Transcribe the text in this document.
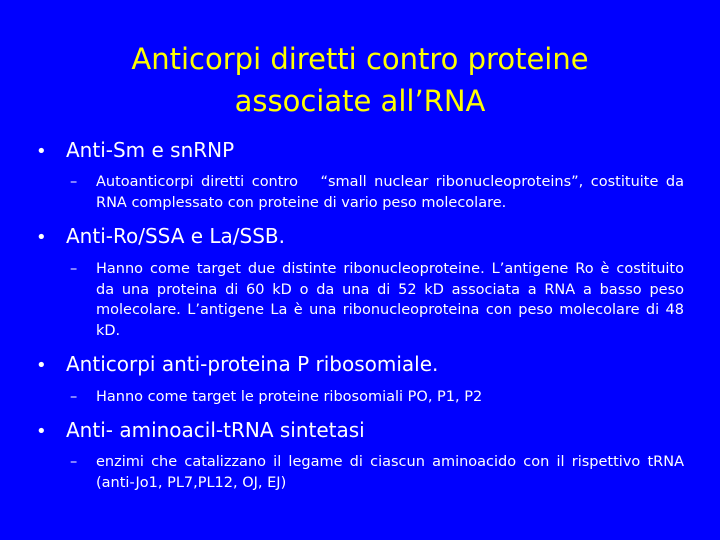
Anticorpi diretti contro proteine
associate all’RNA
• Anti-Sm e snRNP
–	Autoanticorpi diretti contro   “small nuclear ribonucleoproteins”, costituite da RNA complessato con proteine di vario peso molecolare.
• Anti-Ro/SSA e La/SSB.
–	Hanno come target due distinte ribonucleoproteine. L’antigene Ro è costituito da una proteina di 60 kD o da una di 52 kD associata a RNA a basso peso molecolare. L’antigene La è una ribonucleoproteina con peso molecolare di 48 kD.
• Anticorpi anti-proteina P ribosomiale.
–	Hanno come target le proteine ribosomiali PO, P1, P2
• Anti- aminoacil-tRNA sintetasi
–	enzimi che catalizzano il legame di ciascun aminoacido con il rispettivo tRNA (anti-Jo1, PL7,PL12, OJ, EJ)
